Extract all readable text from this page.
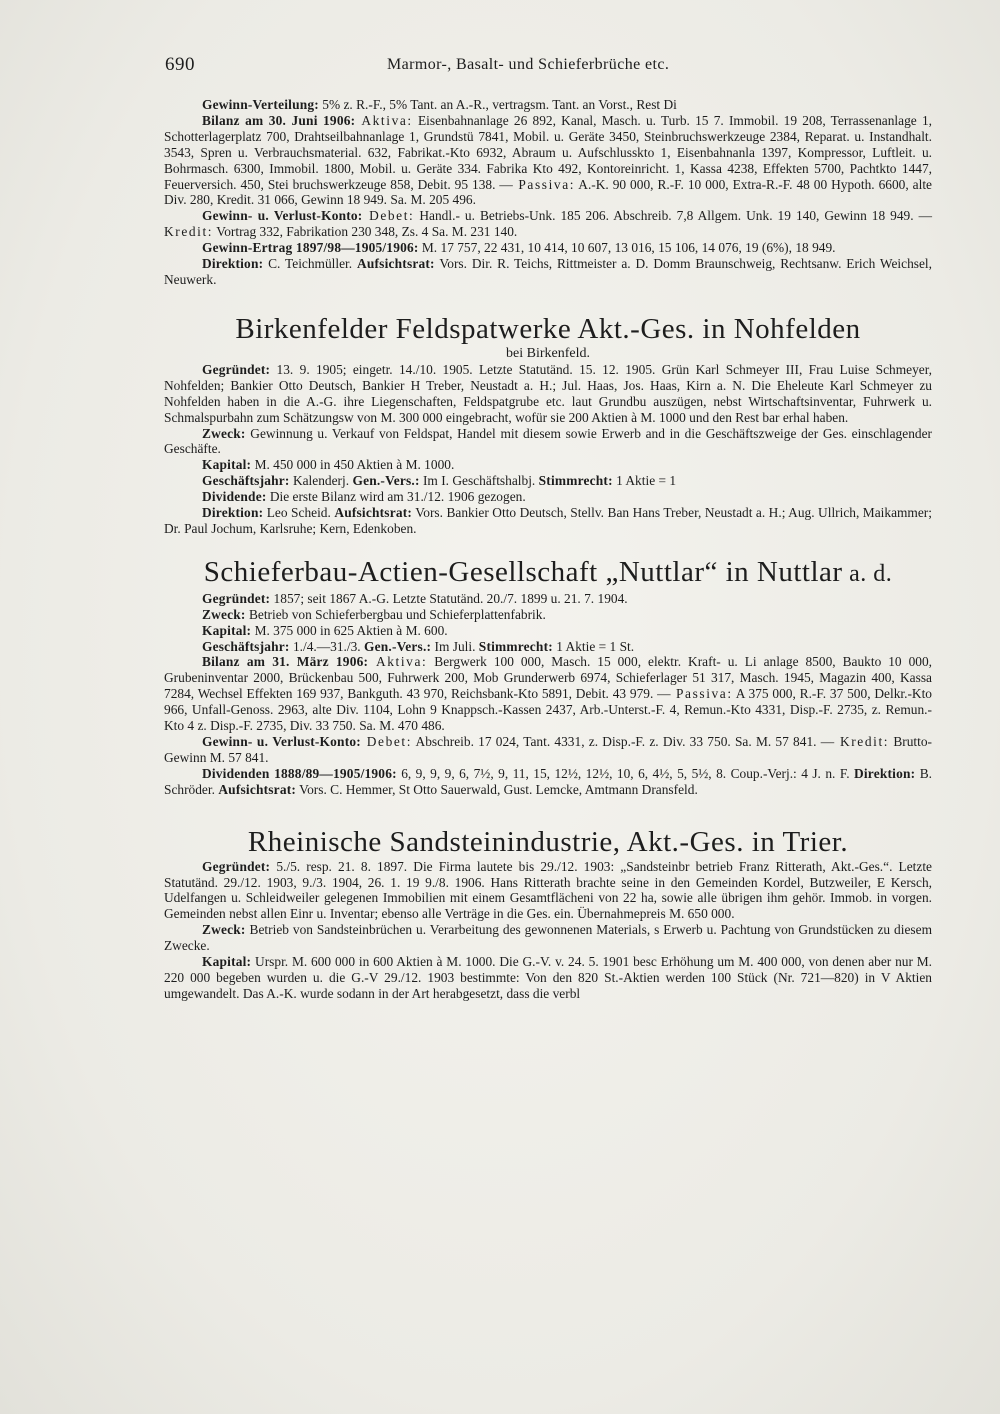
690	Marmor-, Basalt- und Schieferbrüche etc.

Gewinn-Verteilung: 5% z. R.-F., 5% Tant. an A.-R., vertragsm. Tant. an Vorst., Rest Di

Bilanz am 30. Juni 1906: Aktiva: Eisenbahnanlage 26 892, Kanal, Masch. u. Turb. 15 7. Immobil. 19 208, Terrassenanlage 1, Schotterlagerplatz 700, Drahtseilbahnanlage 1, Grundstü 7841, Mobil. u. Geräte 3450, Steinbruchswerkzeuge 2384, Reparat. u. Instandhalt. 3543, Spren u. Verbrauchsmaterial. 632, Fabrikat.-Kto 6932, Abraum u. Aufschlusskto 1, Eisenbahnanla 1397, Kompressor, Luftleit. u. Bohrmasch. 6300, Immobil. 1800, Mobil. u. Geräte 334. Fabrika Kto 492, Kontoreinricht. 1, Kassa 4238, Effekten 5700, Pachtkto 1447, Feuerversich. 450, Stei bruchswerkzeuge 858, Debit. 95 138. — Passiva: A.-K. 90 000, R.-F. 10 000, Extra-R.-F. 48 00 Hypoth. 6600, alte Div. 280, Kredit. 31 066, Gewinn 18 949. Sa. M. 205 496.

Gewinn- u. Verlust-Konto: Debet: Handl.- u. Betriebs-Unk. 185 206. Abschreib. 7,8 Allgem. Unk. 19 140, Gewinn 18 949. — Kredit: Vortrag 332, Fabrikation 230 348, Zs. 4 Sa. M. 231 140.

Gewinn-Ertrag 1897/98—1905/1906: M. 17 757, 22 431, 10 414, 10 607, 13 016, 15 106, 14 076, 19 (6%), 18 949.

Direktion: C. Teichmüller. Aufsichtsrat: Vors. Dir. R. Teichs, Rittmeister a. D. Domm Braunschweig, Rechtsanw. Erich Weichsel, Neuwerk.

Birkenfelder Feldspatwerke Akt.-Ges. in Nohfelden

bei Birkenfeld.

Gegründet: 13. 9. 1905; eingetr. 14./10. 1905. Letzte Statutänd. 15. 12. 1905. Grün Karl Schmeyer III, Frau Luise Schmeyer, Nohfelden; Bankier Otto Deutsch, Bankier H Treber, Neustadt a. H.; Jul. Haas, Jos. Haas, Kirn a. N. Die Eheleute Karl Schmeyer zu Nohfelden haben in die A.-G. ihre Liegenschaften, Feldspatgrube etc. laut Grundbu auszügen, nebst Wirtschaftsinventar, Fuhrwerk u. Schmalspurbahn zum Schätzungsw von M. 300 000 eingebracht, wofür sie 200 Aktien à M. 1000 und den Rest bar erhal haben.

Zweck: Gewinnung u. Verkauf von Feldspat, Handel mit diesem sowie Erwerb and in die Geschäftszweige der Ges. einschlagender Geschäfte.

Kapital: M. 450 000 in 450 Aktien à M. 1000.

Geschäftsjahr: Kalenderj. Gen.-Vers.: Im I. Geschäftshalbj. Stimmrecht: 1 Aktie = 1

Dividende: Die erste Bilanz wird am 31./12. 1906 gezogen.

Direktion: Leo Scheid. Aufsichtsrat: Vors. Bankier Otto Deutsch, Stellv. Ban Hans Treber, Neustadt a. H.; Aug. Ullrich, Maikammer; Dr. Paul Jochum, Karlsruhe; Kern, Edenkoben.

Schieferbau-Actien-Gesellschaft „Nuttlar“ in Nuttlar a. d.

Gegründet: 1857; seit 1867 A.-G. Letzte Statutänd. 20./7. 1899 u. 21. 7. 1904.

Zweck: Betrieb von Schieferbergbau und Schieferplattenfabrik.

Kapital: M. 375 000 in 625 Aktien à M. 600.

Geschäftsjahr: 1./4.—31./3. Gen.-Vers.: Im Juli. Stimmrecht: 1 Aktie = 1 St.

Bilanz am 31. März 1906: Aktiva: Bergwerk 100 000, Masch. 15 000, elektr. Kraft- u. Li anlage 8500, Baukto 10 000, Grubeninventar 2000, Brückenbau 500, Fuhrwerk 200, Mob Grunderwerb 6974, Schieferlager 51 317, Masch. 1945, Magazin 400, Kassa 7284, Wechsel Effekten 169 937, Bankguth. 43 970, Reichsbank-Kto 5891, Debit. 43 979. — Passiva: A 375 000, R.-F. 37 500, Delkr.-Kto 966, Unfall-Genoss. 2963, alte Div. 1104, Lohn 9 Knappsch.-Kassen 2437, Arb.-Unterst.-F. 4, Remun.-Kto 4331, Disp.-F. 2735, z. Remun.-Kto 4 z. Disp.-F. 2735, Div. 33 750. Sa. M. 470 486.

Gewinn- u. Verlust-Konto: Debet: Abschreib. 17 024, Tant. 4331, z. Disp.-F. z. Div. 33 750. Sa. M. 57 841. — Kredit: Brutto-Gewinn M. 57 841.

Dividenden 1888/89—1905/1906: 6, 9, 9, 9, 6, 7½, 9, 11, 15, 12½, 12½, 10, 6, 4½, 5, 5½, 8. Coup.-Verj.: 4 J. n. F. Direktion: B. Schröder. Aufsichtsrat: Vors. C. Hemmer, St Otto Sauerwald, Gust. Lemcke, Amtmann Dransfeld.

Rheinische Sandsteinindustrie, Akt.-Ges. in Trier.

Gegründet: 5./5. resp. 21. 8. 1897. Die Firma lautete bis 29./12. 1903: „Sandsteinbr betrieb Franz Ritterath, Akt.-Ges.“. Letzte Statutänd. 29./12. 1903, 9./3. 1904, 26. 1. 19 9./8. 1906. Hans Ritterath brachte seine in den Gemeinden Kordel, Butzweiler, E Kersch, Udelfangen u. Schleidweiler gelegenen Immobilien mit einem Gesamtflächeni von 22 ha, sowie alle übrigen ihm gehör. Immob. in vorgen. Gemeinden nebst allen Einr u. Inventar; ebenso alle Verträge in die Ges. ein. Übernahmepreis M. 650 000.

Zweck: Betrieb von Sandsteinbrüchen u. Verarbeitung des gewonnenen Materials, s Erwerb u. Pachtung von Grundstücken zu diesem Zwecke.

Kapital: Urspr. M. 600 000 in 600 Aktien à M. 1000. Die G.-V. v. 24. 5. 1901 besc Erhöhung um M. 400 000, von denen aber nur M. 220 000 begeben wurden u. die G.-V 29./12. 1903 bestimmte: Von den 820 St.-Aktien werden 100 Stück (Nr. 721—820) in V Aktien umgewandelt. Das A.-K. wurde sodann in der Art herabgesetzt, dass die verbl
